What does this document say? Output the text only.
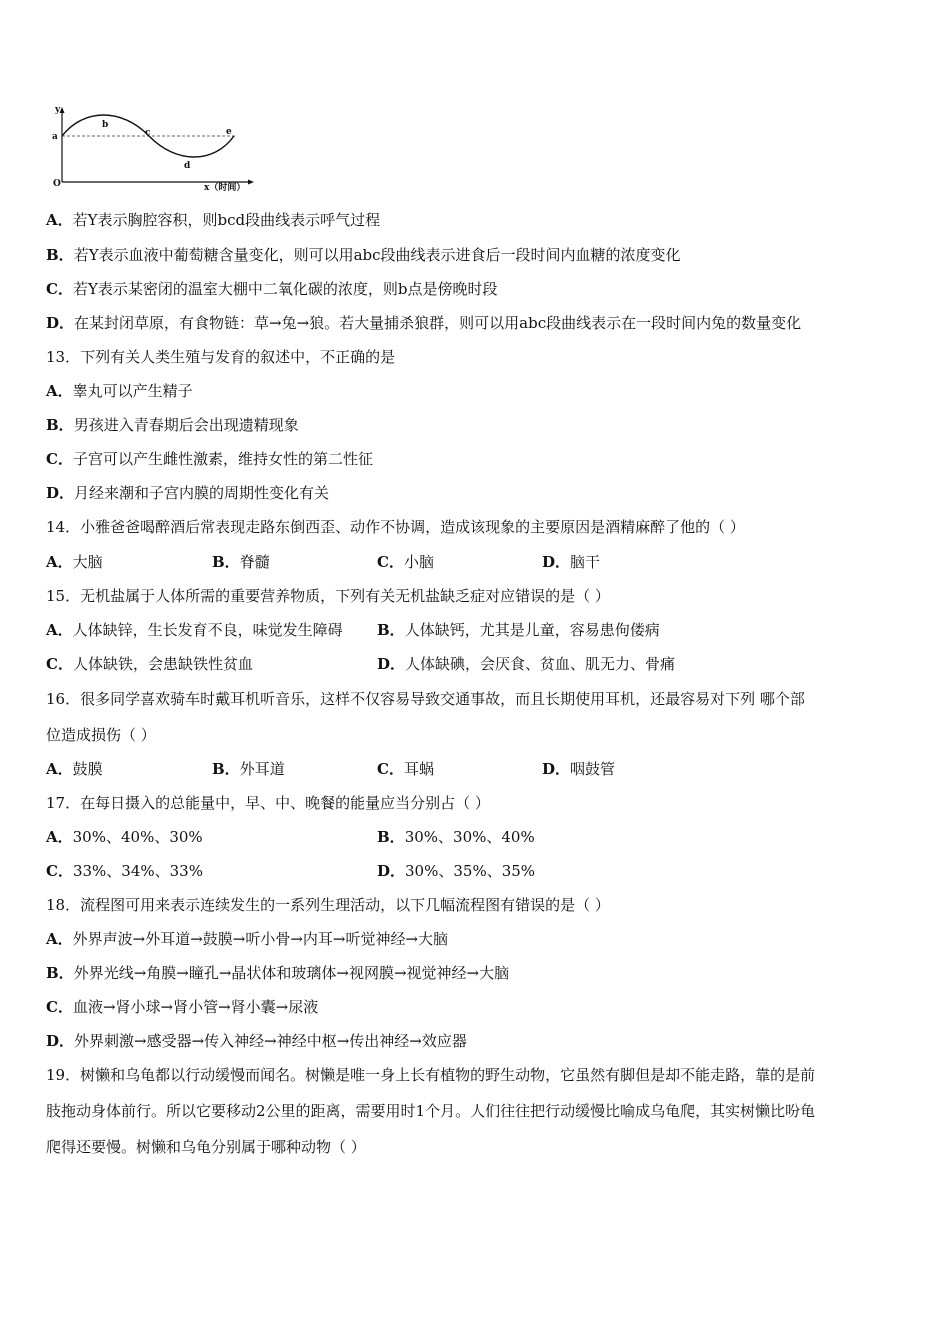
y
O	x（时间）
a
b
c
d
e
A．若Y表示胸腔容积，则bcd段曲线表示呼气过程
B．若Y表示血液中葡萄糖含量变化，则可以用abc段曲线表示进食后一段时间内血糖的浓度变化
C．若Y表示某密闭的温室大棚中二氧化碳的浓度，则b点是傍晚时段
D．在某封闭草原，有食物链：草→兔→狼。若大量捕杀狼群，则可以用abc段曲线表示在一段时间内兔的数量变化
13．下列有关人类生殖与发育的叙述中，不正确的是
A．睾丸可以产生精子
B．男孩进入青春期后会出现遗精现象
C．子宫可以产生雌性激素，维持女性的第二性征
D．月经来潮和子宫内膜的周期性变化有关
14．小雅爸爸喝醉酒后常表现走路东倒西歪、动作不协调，造成该现象的主要原因是酒精麻醉了他的（ ）
A．大脑	B．脊髓	C．小脑	D．脑干
15．无机盐属于人体所需的重要营养物质，下列有关无机盐缺乏症对应错误的是（ ）
A．人体缺锌，生长发育不良，味觉发生障碍 B．人体缺钙，尤其是儿童，容易患佝偻病
C．人体缺铁，会患缺铁性贫血	D．人体缺碘，会厌食、贫血、肌无力、骨痛
16．很多同学喜欢骑车时戴耳机听音乐，这样不仅容易导致交通事故，而且长期使用耳机，还最容易对下列 哪个部
位造成损伤（ ）
A．鼓膜	B．外耳道	C．耳蜗	D．咽鼓管
17．在每日摄入的总能量中，早、中、晚餐的能量应当分别占（ ）
A．30%、40%、30%	B．30%、30%、40%
C．33%、34%、33%	D．30%、35%、35%
18．流程图可用来表示连续发生的一系列生理活动，以下几幅流程图有错误的是（ ）
A．外界声波→外耳道→鼓膜→听小骨→内耳→听觉神经→大脑
B．外界光线→角膜→瞳孔→晶状体和玻璃体→视网膜→视觉神经→大脑
C．血液→肾小球→肾小管→肾小囊→尿液
D．外界刺激→感受器→传入神经→神经中枢→传出神经→效应器
19．树懒和乌龟都以行动缓慢而闻名。树懒是唯一身上长有植物的野生动物，它虽然有脚但是却不能走路，靠的是前
肢拖动身体前行。所以它要移动2公里的距离，需要用时1个月。人们往往把行动缓慢比喻成乌龟爬，其实树懒比吩龟
爬得还要慢。树懒和乌龟分别属于哪种动物（ ）
